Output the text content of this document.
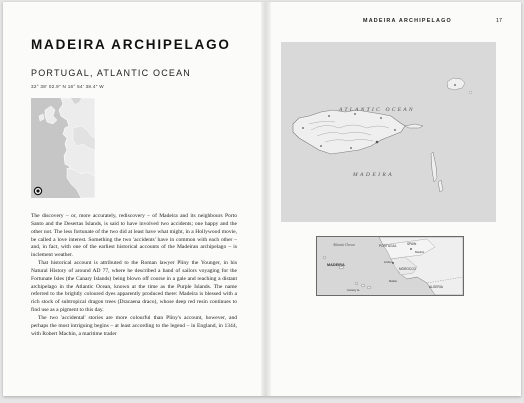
MADEIRA ARCHIPELAGO
PORTUGAL, ATLANTIC OCEAN
32° 38′ 02.9″ N 16° 54′ 38.4″ W

The discovery – or, more accurately, rediscovery – of Madeira and its neighbours Porto Santo and the Desertas Islands, is said to have involved two accidents; one happy and the other not. The less fortunate of the two did at least have what might, in a Hollywood movie, be called a love interest. Something the two 'accidents' have in common with each other – and, in fact, with one of the earliest historical accounts of the Madeiran archipelago – is inclement weather.

That historical account is attributed to the Roman lawyer Pliny the Younger, in his Natural History of around AD 77, where he described a band of sailors voyaging for the Fortunate Isles (the Canary Islands) being blown off course in a gale and reaching a distant archipelago in the Atlantic Ocean, known at the time as the Purple Islands. The name referred to the brightly coloured dyes apparently produced there: Madeira is blessed with a rich stock of subtropical dragon trees (Dracaena draco), whose deep red resin continues to find use as a pigment to this day.

The two 'accidental' stories are more colourful than Pliny's account, however, and perhaps the most intriguing begins – at least according to the legend – in England, in 1344, with Robert Machin, a maritime trader

MADEIRA ARCHIPELAGO	17
ATLANTIC OCEAN
MADEIRA
Atlantic Ocean
MADEIRA
PORTUGAL	SPAIN
MOROCCO
ALGERIA
Lisbon
Rabat
Madrid
Canary Is.
